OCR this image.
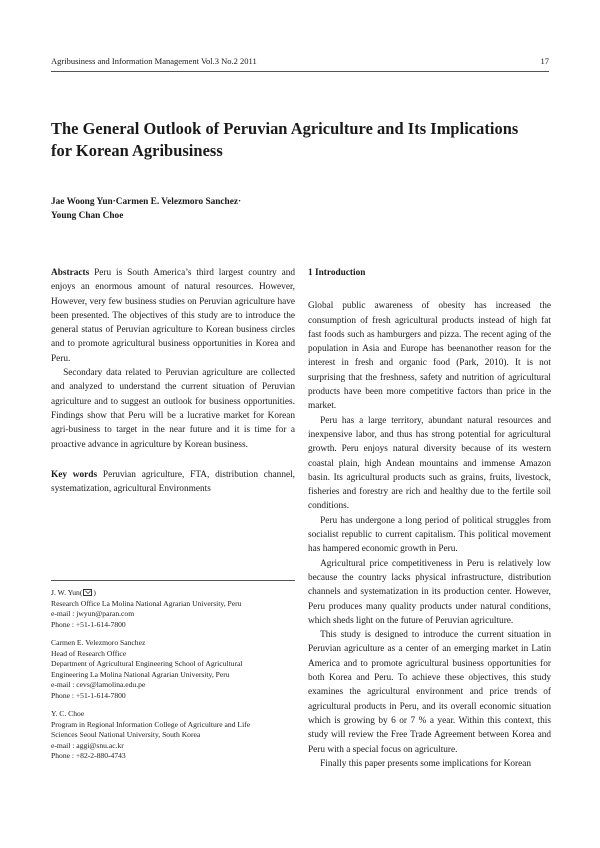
Agribusiness and Information Management Vol.3 No.2 2011	17
The General Outlook of Peruvian Agriculture and Its Implications
for Korean Agribusiness
Jae Woong Yun·Carmen E. Velezmoro Sanchez·
Young Chan Choe

Abstracts Peru is South America’s third largest country and enjoys an enormous amount of natural resources. However, However, very few business studies on Peruvian agriculture have been presented. The objectives of this study are to introduce the general status of Peruvian agriculture to Korean business circles and to promote agricultural business opportunities in Korea and Peru.

Secondary data related to Peruvian agriculture are collected and analyzed to understand the current situation of Peruvian agriculture and to suggest an outlook for business opportunities. Findings show that Peru will be a lucrative market for Korean agri-business to target in the near future and it is time for a proactive advance in agriculture by Korean business.

Key words Peruvian agriculture, FTA, distribution channel, systematization, agricultural Environments

J. W. Yun( )
Research Office La Molina National Agrarian University, Peru
e-mail : jwyun@paran.com
Phone : +51-1-614-7800
Carmen E. Velezmoro Sanchez
Head of Research Office
Department of Agricultural Engineering School of Agricultural
Engineering La Molina National Agrarian University, Peru
e-mail : cevs@lamolina.edu.pe
Phone : +51-1-614-7800
Y. C. Choe
Program in Regional Information College of Agriculture and Life
Sciences Seoul National University, South Korea
e-mail : aggi@snu.ac.kr
Phone : +82-2-880-4743

1 Introduction

Global public awareness of obesity has increased the consumption of fresh agricultural products instead of high fat fast foods such as hamburgers and pizza. The recent aging of the population in Asia and Europe has beenanother reason for the interest in fresh and organic food (Park, 2010). It is not surprising that the freshness, safety and nutrition of agricultural products have been more competitive factors than price in the market.

Peru has a large territory, abundant natural resources and inexpensive labor, and thus has strong potential for agricultural growth. Peru enjoys natural diversity because of its western coastal plain, high Andean mountains and immense Amazon basin. Its agricultural products such as grains, fruits, livestock, fisheries and forestry are rich and healthy due to the fertile soil conditions.

Peru has undergone a long period of political struggles from socialist republic to current capitalism. This political movement has hampered economic growth in Peru.

Agricultural price competitiveness in Peru is relatively low because the country lacks physical infrastructure, distribution channels and systematization in its production center. However, Peru produces many quality products under natural conditions, which sheds light on the future of Peruvian agriculture.

This study is designed to introduce the current situation in Peruvian agriculture as a center of an emerging market in Latin America and to promote agricultural business opportunities for both Korea and Peru. To achieve these objectives, this study examines the agricultural environment and price trends of agricultural products in Peru, and its overall economic situation which is growing by 6 or 7 % a year. Within this context, this study will review the Free Trade Agreement between Korea and Peru with a special focus on agriculture.

Finally this paper presents some implications for Korean
